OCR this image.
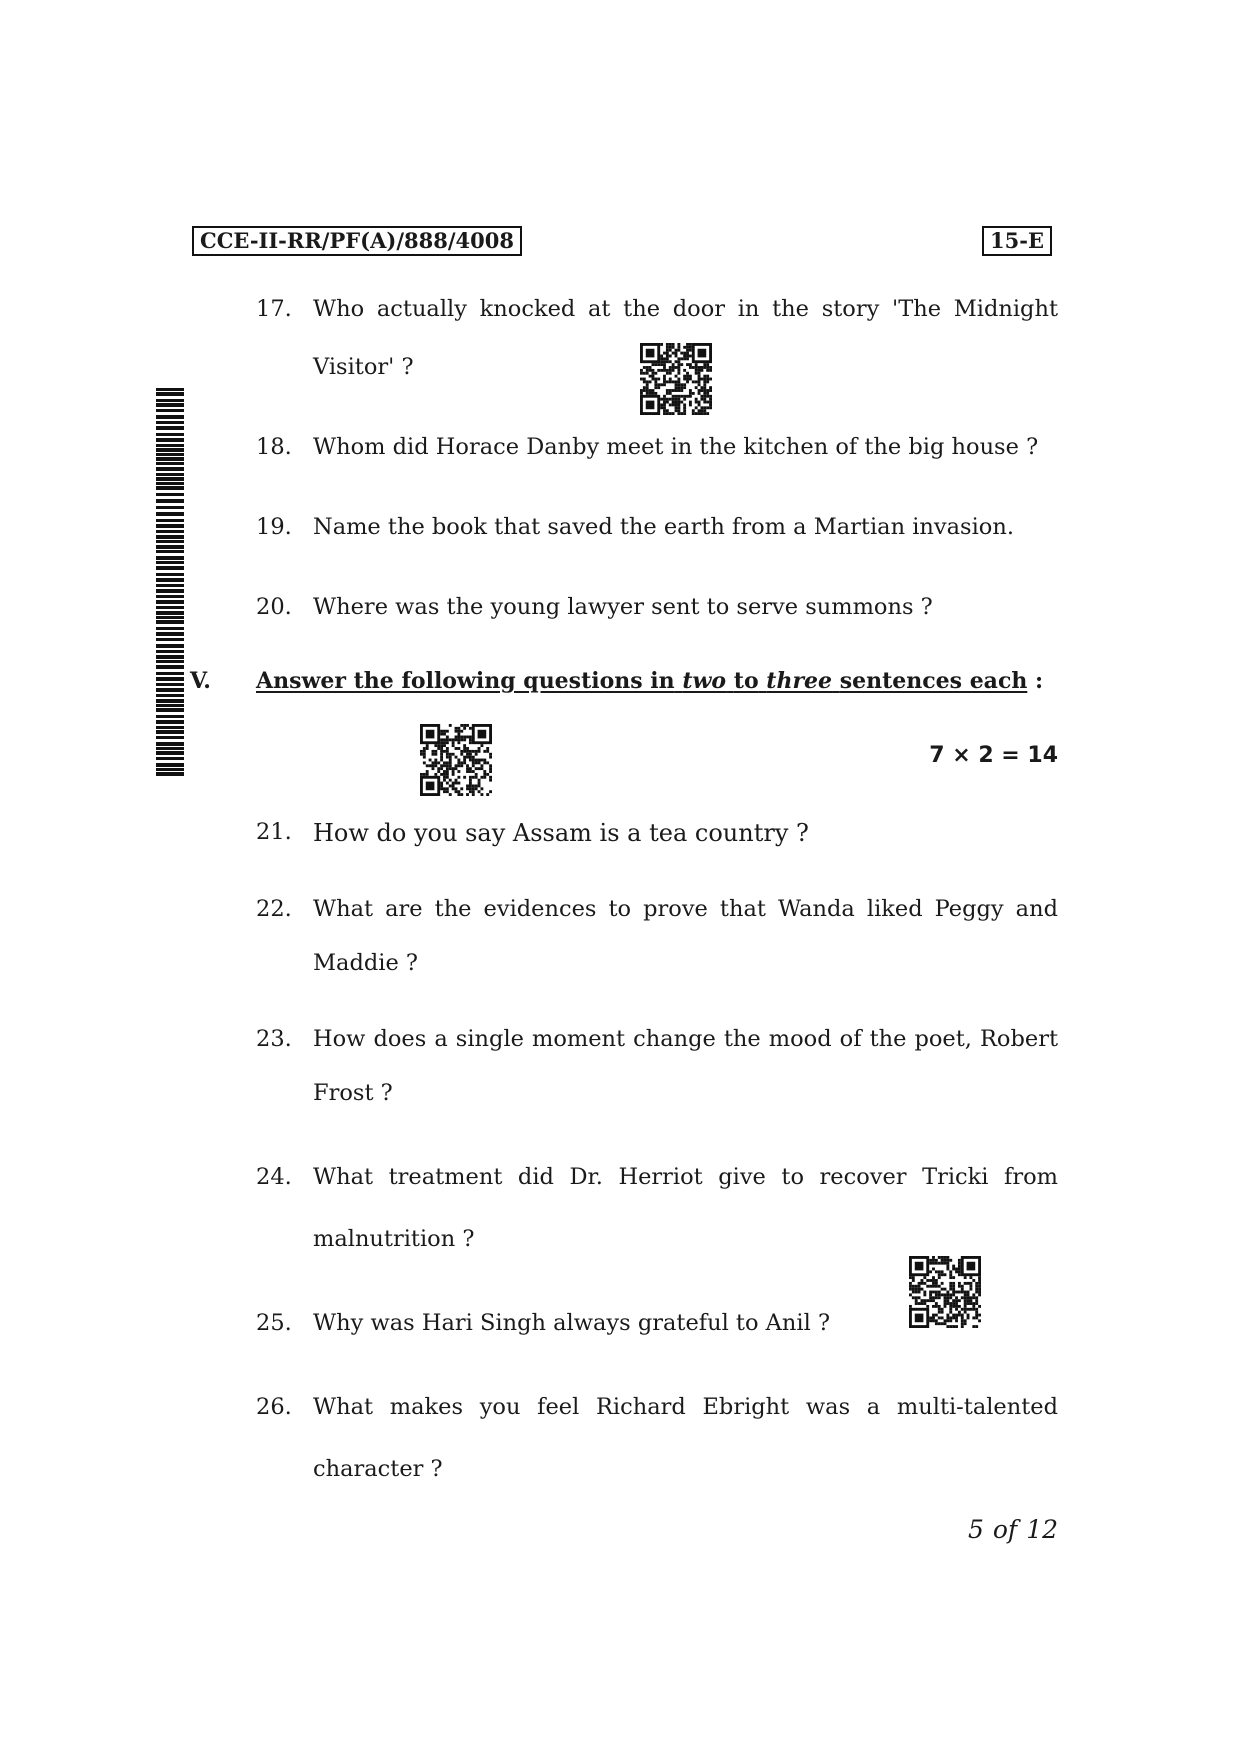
CCE-II-RR/PF(A)/888/4008	15-E
17. Who actually knocked at the door in the story 'The Midnight
Visitor' ?
18. Whom did Horace Danby meet in the kitchen of the big house ?
19. Name the book that saved the earth from a Martian invasion.
20. Where was the young lawyer sent to serve summons ?
V. Answer the following questions in two to three sentences each :
7 × 2 = 14
21. How do you say Assam is a tea country ?
22. What are the evidences to prove that Wanda liked Peggy and
Maddie ?
23. How does a single moment change the mood of the poet, Robert
Frost ?
24. What treatment did Dr. Herriot give to recover Tricki from
malnutrition ?
25. Why was Hari Singh always grateful to Anil ?
26. What makes you feel Richard Ebright was a multi-talented
character ?
5 of 12
